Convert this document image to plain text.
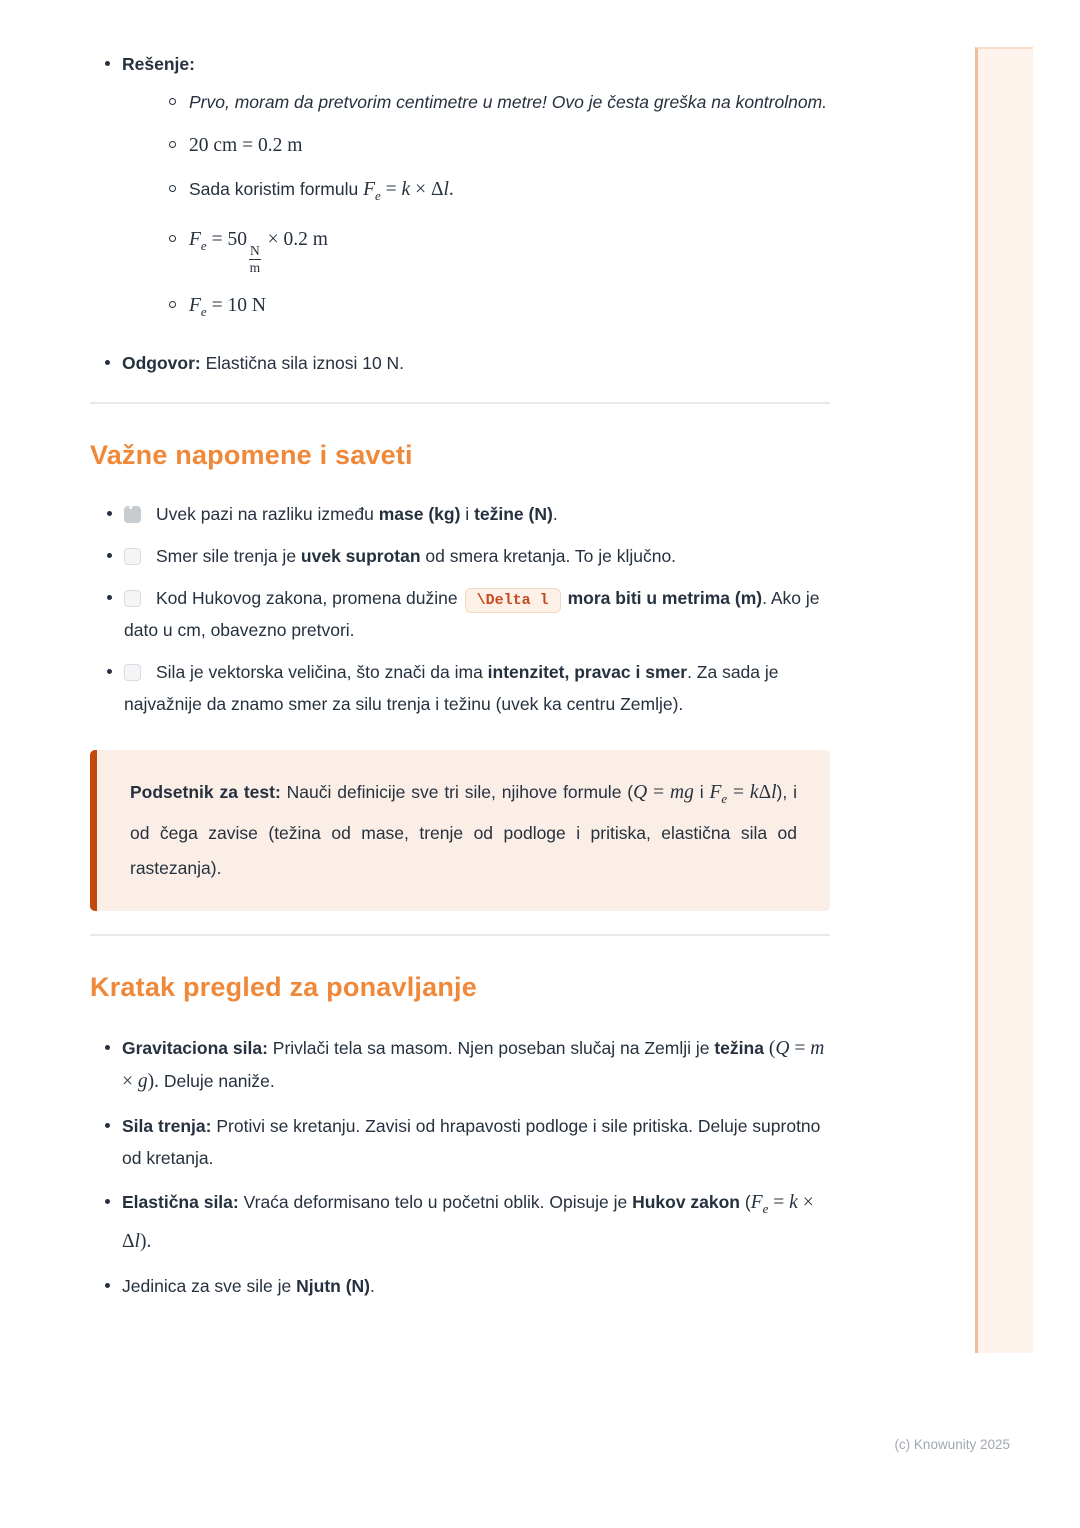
Rešenje:
Prvo, moram da pretvorim centimetre u metre! Ovo je česta greška na kontrolnom.
20 cm = 0.2 m
Sada koristim formulu $F_e = k \times \Delta l$.
$F_e = 50$
$\frac{N}{m}$
× 0.2 m
$F_e = 10$ N
Odgovor: Elastična sila iznosi 10 N.
Važne napomene i saveti
✓Uvek pazi na razliku između mase (kg) i težine (N).
Smer sile trenja je uvek suprotan od smera kretanja. To je ključno.
Kod Hukovog zakona, promena dužine \Delta l mora biti u metrima (m). Ako je dato u cm, obavezno pretvori.
Sila je vektorska veličina, što znači da ima intenzitet, pravac i smer. Za sada je najvažnije da znamo smer za silu trenja i težinu (uvek ka centru Zemlje).
Podsetnik za test: Nauči definicije sve tri sile, njihove formule (Q = mg i $F_e = k\Delta l$), i od čega zavise (težina od mase, trenje od podloge i pritiska, elastična sila od rastezanja).
Kratak pregled za ponavljanje
Gravitaciona sila: Privlači tela sa masom. Njen poseban slučaj na Zemlji je težina (Q = m × g). Deluje naniže.
Sila trenja: Protivi se kretanju. Zavisi od hrapavosti podloge i sile pritiska. Deluje suprotno od kretanja.
Elastična sila: Vraća deformisano telo u početni oblik. Opisuje je Hukov zakon $(F_e = k \times \Delta l)$.
Jedinica za sve sile je Njutn (N).
(c) Knowunity 2025
